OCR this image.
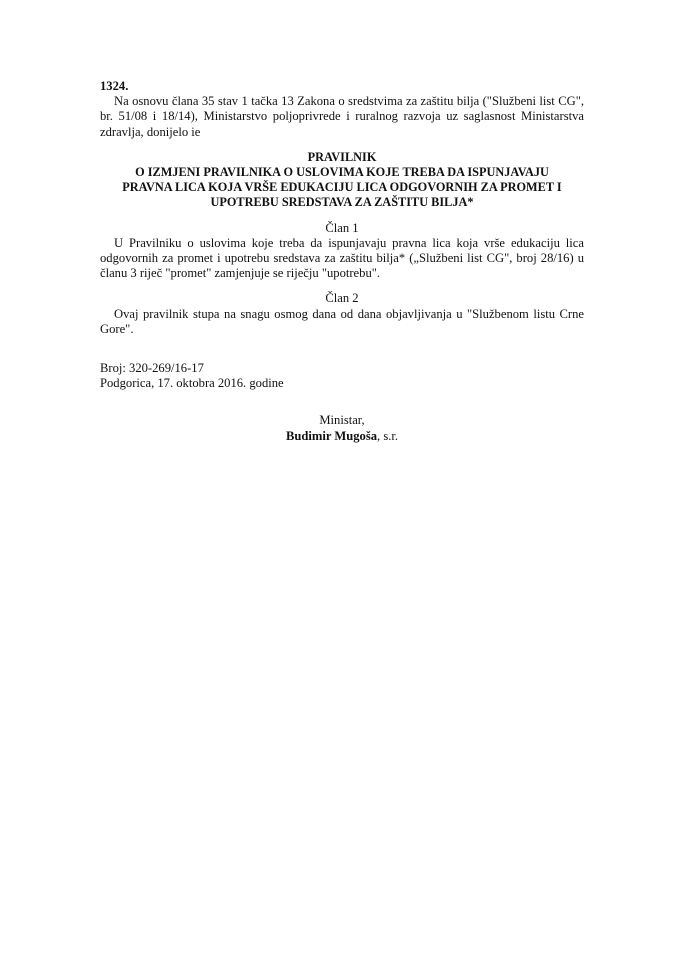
1324.

Na osnovu člana 35 stav 1 tačka 13 Zakona o sredstvima za zaštitu bilja ("Službeni list CG", br. 51/08 i 18/14), Ministarstvo poljoprivrede i ruralnog razvoja uz saglasnost Ministarstva zdravlja, donijelo ie

PRAVILNIK
O IZMJENI PRAVILNIKA O USLOVIMA KOJE TREBA DA ISPUNJAVAJU
PRAVNA LICA KOJA VRŠE EDUKACIJU LICA ODGOVORNIH ZA PROMET I
UPOTREBU SREDSTAVA ZA ZAŠTITU BILJA*

Član 1

U Pravilniku o uslovima koje treba da ispunjavaju pravna lica koja vrše edukaciju lica odgovornih za promet i upotrebu sredstava za zaštitu bilja* („Službeni list CG", broj 28/16) u članu 3 riječ "promet" zamjenjuje se riječju "upotrebu".

Član 2

Ovaj pravilnik stupa na snagu osmog dana od dana objavljivanja u "Službenom listu Crne Gore".

Broj: 320-269/16-17

Podgorica, 17. oktobra 2016. godine

Ministar,
Budimir Mugoša, s.r.
